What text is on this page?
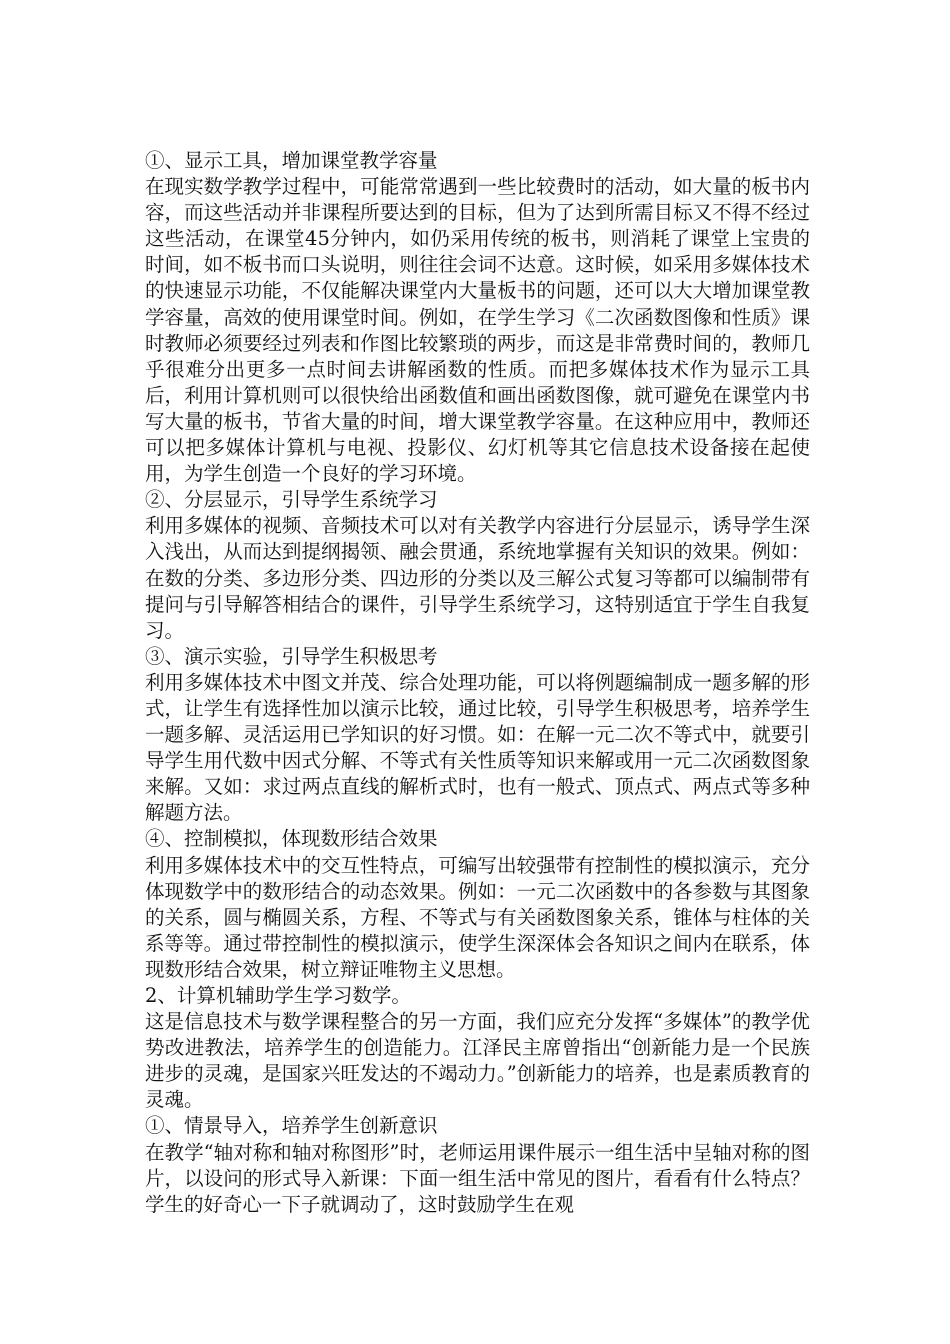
①、显示工具，增加课堂教学容量

在现实数学教学过程中，可能常常遇到一些比较费时的活动，如大量的板书内容，而这些活动并非课程所要达到的目标，但为了达到所需目标又不得不经过这些活动，在课堂45分钟内，如仍采用传统的板书，则消耗了课堂上宝贵的时间，如不板书而口头说明，则往往会词不达意。这时候，如采用多媒体技术的快速显示功能，不仅能解决课堂内大量板书的问题，还可以大大增加课堂教学容量，高效的使用课堂时间。例如，在学生学习《二次函数图像和性质》课时教师必须要经过列表和作图比较繁琐的两步，而这是非常费时间的，教师几乎很难分出更多一点时间去讲解函数的性质。而把多媒体技术作为显示工具后，利用计算机则可以很快给出函数值和画出函数图像，就可避免在课堂内书写大量的板书，节省大量的时间，增大课堂教学容量。在这种应用中，教师还可以把多媒体计算机与电视、投影仪、幻灯机等其它信息技术设备接在起使用，为学生创造一个良好的学习环境。

②、分层显示，引导学生系统学习

利用多媒体的视频、音频技术可以对有关教学内容进行分层显示，诱导学生深入浅出，从而达到提纲揭领、融会贯通，系统地掌握有关知识的效果。例如：在数的分类、多边形分类、四边形的分类以及三解公式复习等都可以编制带有提问与引导解答相结合的课件，引导学生系统学习，这特别适宜于学生自我复习。

③、演示实验，引导学生积极思考

利用多媒体技术中图文并茂、综合处理功能，可以将例题编制成一题多解的形式，让学生有选择性加以演示比较，通过比较，引导学生积极思考，培养学生一题多解、灵活运用已学知识的好习惯。如：在解一元二次不等式中，就要引导学生用代数中因式分解、不等式有关性质等知识来解或用一元二次函数图象来解。又如：求过两点直线的解析式时，也有一般式、顶点式、两点式等多种解题方法。

④、控制模拟，体现数形结合效果

利用多媒体技术中的交互性特点，可编写出较强带有控制性的模拟演示，充分体现数学中的数形结合的动态效果。例如：一元二次函数中的各参数与其图象的关系，圆与椭圆关系，方程、不等式与有关函数图象关系，锥体与柱体的关系等等。通过带控制性的模拟演示，使学生深深体会各知识之间内在联系，体现数形结合效果，树立辩证唯物主义思想。

2、计算机辅助学生学习数学。

这是信息技术与数学课程整合的另一方面，我们应充分发挥“多媒体”的教学优势改进教法，培养学生的创造能力。江泽民主席曾指出“创新能力是一个民族进步的灵魂，是国家兴旺发达的不竭动力。”创新能力的培养，也是素质教育的灵魂。

①、情景导入，培养学生创新意识

在教学“轴对称和轴对称图形”时，老师运用课件展示一组生活中呈轴对称的图片，以设问的形式导入新课：下面一组生活中常见的图片，看看有什么特点？学生的好奇心一下子就调动了，这时鼓励学生在观
